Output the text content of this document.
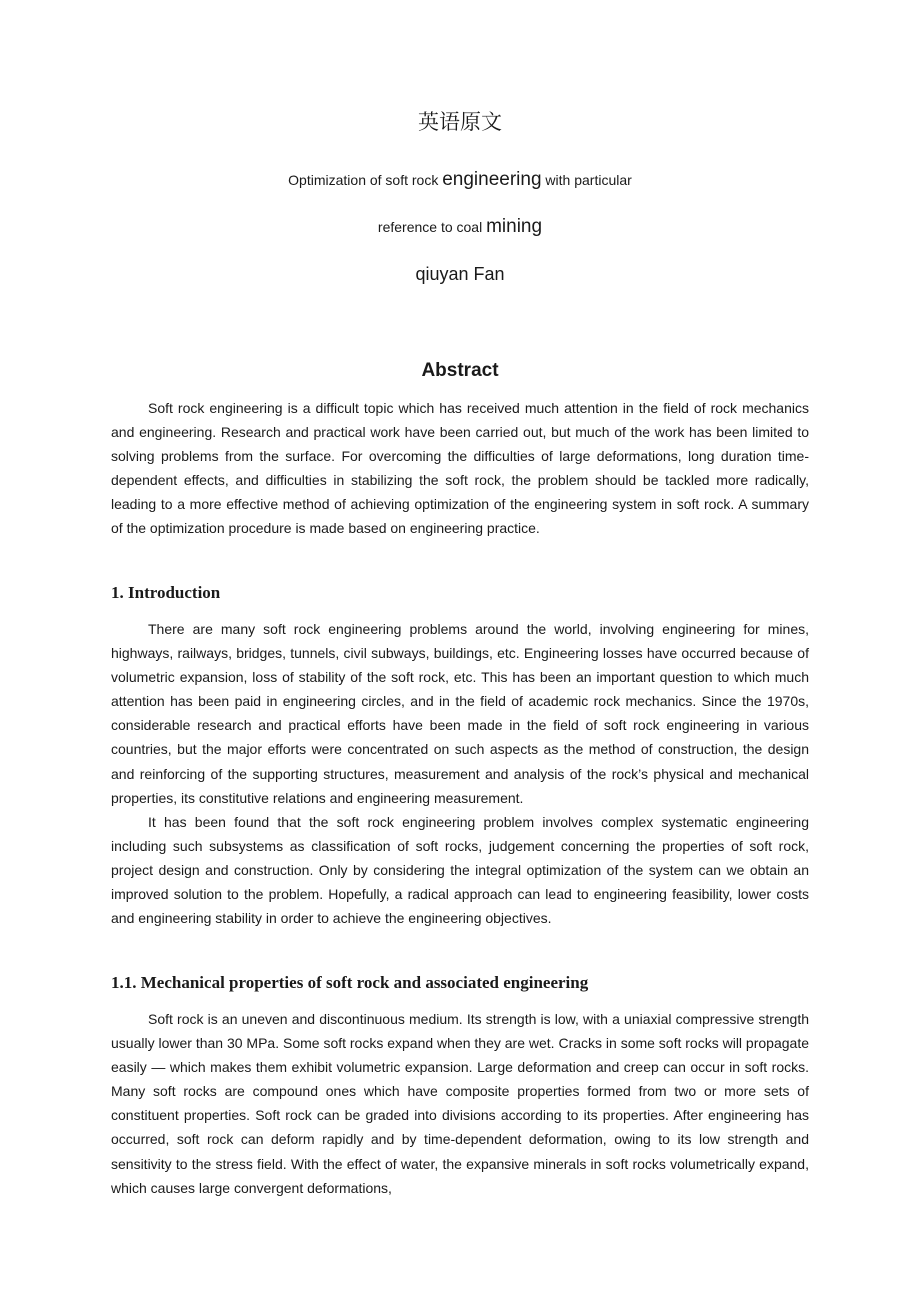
英语原文
Optimization of soft rock engineering with particular
reference to coal mining
qiuyan Fan
Abstract

Soft rock engineering is a difficult topic which has received much attention in the field of rock mechanics and engineering. Research and practical work have been carried out, but much of the work has been limited to solving problems from the surface. For overcoming the difficulties of large deformations, long duration time-dependent effects, and difficulties in stabilizing the soft rock, the problem should be tackled more radically, leading to a more effective method of achieving optimization of the engineering system in soft rock. A summary of the optimization procedure is made based on engineering practice.

1. Introduction

There are many soft rock engineering problems around the world, involving engineering for mines, highways, railways, bridges, tunnels, civil subways, buildings, etc. Engineering losses have occurred because of volumetric expansion, loss of stability of the soft rock, etc. This has been an important question to which much attention has been paid in engineering circles, and in the field of academic rock mechanics. Since the 1970s, considerable research and practical efforts have been made in the field of soft rock engineering in various countries, but the major efforts were concentrated on such aspects as the method of construction, the design and reinforcing of the supporting structures, measurement and analysis of the rock’s physical and mechanical properties, its constitutive relations and engineering measurement.

It has been found that the soft rock engineering problem involves complex systematic engineering including such subsystems as classification of soft rocks, judgement concerning the properties of soft rock, project design and construction. Only by considering the integral optimization of the system can we obtain an improved solution to the problem. Hopefully, a radical approach can lead to engineering feasibility, lower costs and engineering stability in order to achieve the engineering objectives.

1.1. Mechanical properties of soft rock and associated engineering

Soft rock is an uneven and discontinuous medium. Its strength is low, with a uniaxial compressive strength usually lower than 30 MPa. Some soft rocks expand when they are wet. Cracks in some soft rocks will propagate easily — which makes them exhibit volumetric expansion. Large deformation and creep can occur in soft rocks. Many soft rocks are compound ones which have composite properties formed from two or more sets of constituent properties. Soft rock can be graded into divisions according to its properties. After engineering has occurred, soft rock can deform rapidly and by time-dependent deformation, owing to its low strength and sensitivity to the stress field. With the effect of water, the expansive minerals in soft rocks volumetrically expand, which causes large convergent deformations,
